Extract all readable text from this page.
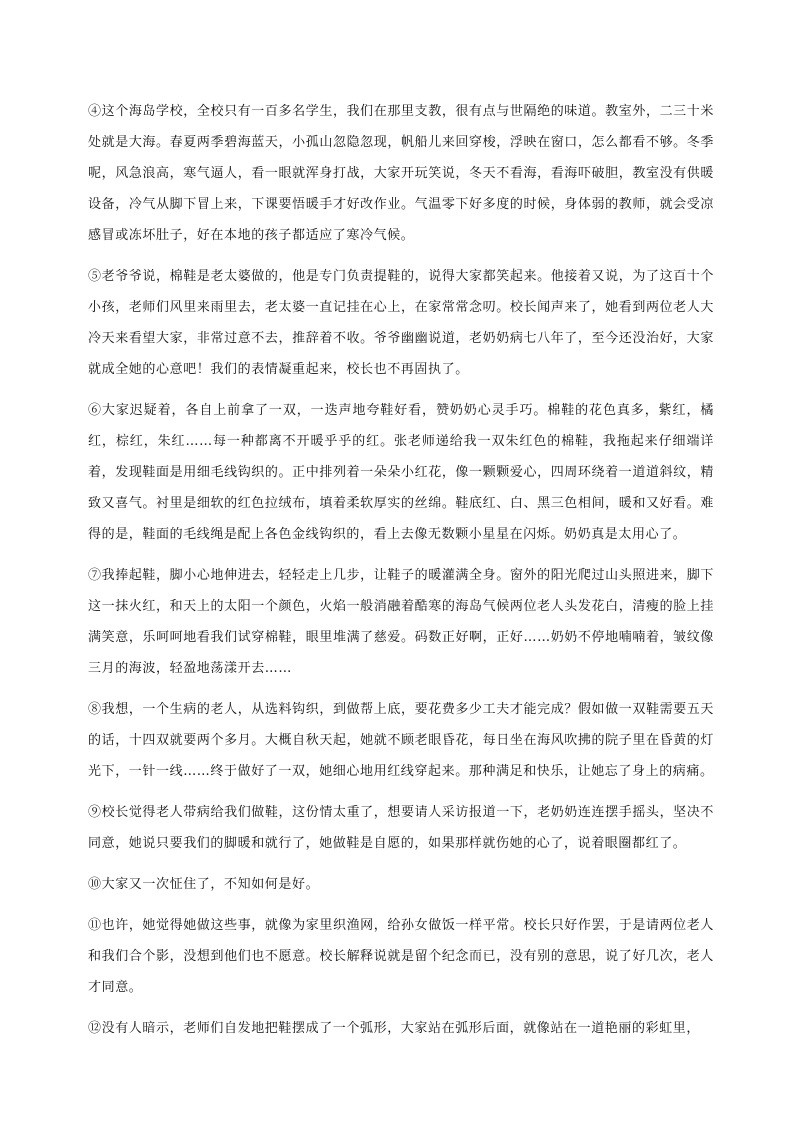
④这个海岛学校，全校只有一百多名学生，我们在那里支教，很有点与世隔绝的味道。教室外，二三十米处就是大海。春夏两季碧海蓝天，小孤山忽隐忽现，帆船儿来回穿梭，浮映在窗口，怎么都看不够。冬季呢，风急浪高，寒气逼人，看一眼就浑身打战，大家开玩笑说，冬天不看海，看海吓破胆，教室没有供暖设备，冷气从脚下冒上来，下课要悟暖手才好改作业。气温零下好多度的时候，身体弱的教师，就会受凉感冒或冻坏肚子，好在本地的孩子都适应了寒冷气候。

⑤老爷爷说，棉鞋是老太婆做的，他是专门负责提鞋的，说得大家都笑起来。他接着又说，为了这百十个小孩，老师们风里来雨里去，老太婆一直记挂在心上，在家常常念叨。校长闻声来了，她看到两位老人大冷天来看望大家，非常过意不去，推辞着不收。爷爷幽幽说道，老奶奶病七八年了，至今还没治好，大家就成全她的心意吧！我们的表情凝重起来，校长也不再固执了。

⑥大家迟疑着，各自上前拿了一双，一迭声地夸鞋好看，赞奶奶心灵手巧。棉鞋的花色真多，紫红，橘红，棕红，朱红……每一种都离不开暖乎乎的红。张老师递给我一双朱红色的棉鞋，我拖起来仔细端详着，发现鞋面是用细毛线钩织的。正中排列着一朵朵小红花，像一颗颗爱心，四周环绕着一道道斜纹，精致又喜气。衬里是细软的红色拉绒布，填着柔软厚实的丝绵。鞋底红、白、黑三色相间，暖和又好看。难得的是，鞋面的毛线绳是配上各色金线钩织的，看上去像无数颗小星星在闪烁。奶奶真是太用心了。

⑦我捧起鞋，脚小心地伸进去，轻轻走上几步，让鞋子的暖灌满全身。窗外的阳光爬过山头照进来，脚下这一抹火红，和天上的太阳一个颜色，火焰一般消融着酷寒的海岛气候两位老人头发花白，清瘦的脸上挂满笑意，乐呵呵地看我们试穿棉鞋，眼里堆满了慈爱。码数正好啊，正好……奶奶不停地喃喃着，皱纹像三月的海波，轻盈地荡漾开去……

⑧我想，一个生病的老人，从选料钩织，到做帮上底，要花费多少工夫才能完成？假如做一双鞋需要五天的话，十四双就要两个多月。大概自秋天起，她就不顾老眼昏花，每日坐在海风吹拂的院子里在昏黄的灯光下，一针一线……终于做好了一双，她细心地用红线穿起来。那种满足和快乐，让她忘了身上的病痛。

⑨校长觉得老人带病给我们做鞋，这份情太重了，想要请人采访报道一下，老奶奶连连摆手摇头，坚决不同意，她说只要我们的脚暖和就行了，她做鞋是自愿的，如果那样就伤她的心了，说着眼圈都红了。

⑩大家又一次怔住了，不知如何是好。

⑪也许，她觉得她做这些事，就像为家里织渔网，给孙女做饭一样平常。校长只好作罢，于是请两位老人和我们合个影，没想到他们也不愿意。校长解释说就是留个纪念而已，没有别的意思，说了好几次，老人才同意。

⑫没有人暗示，老师们自发地把鞋摆成了一个弧形，大家站在弧形后面，就像站在一道艳丽的彩虹里，
